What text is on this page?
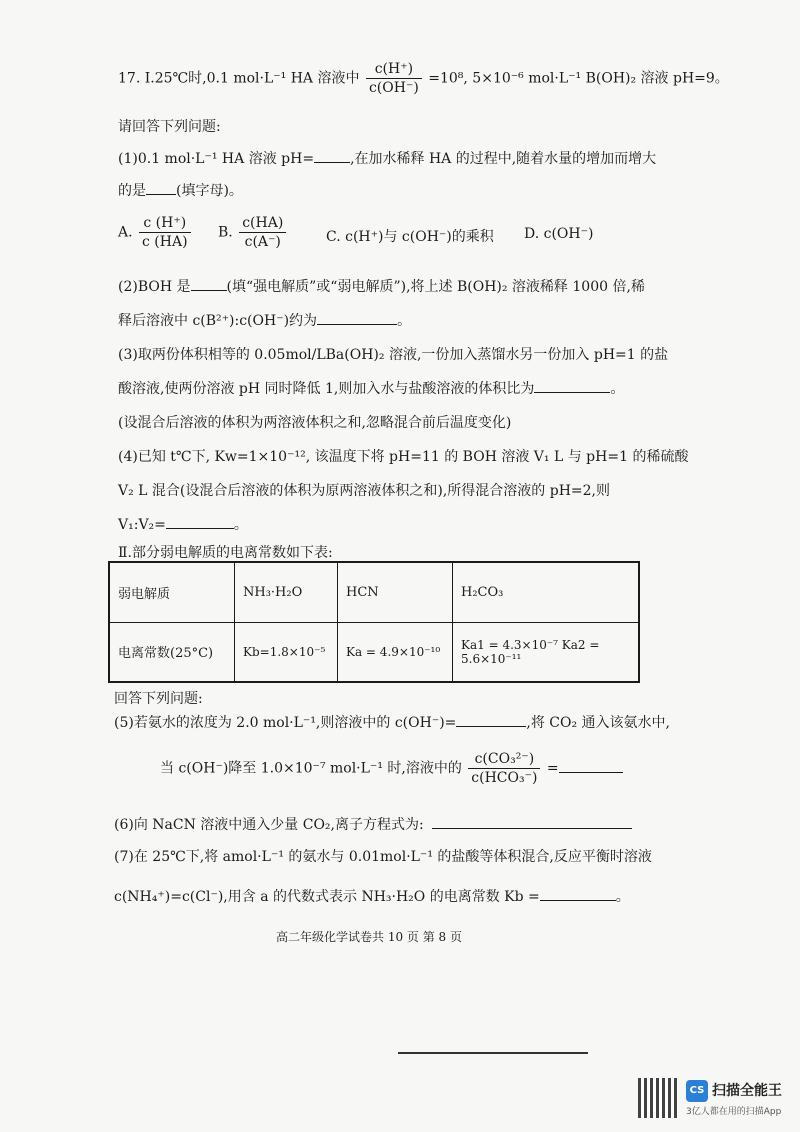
17. Ⅰ.25℃时,0.1 mol·L⁻¹ HA 溶液中 $\frac{c(H^+)}{c(OH^-)} =10^8$, 5×10⁻⁶ mol·L⁻¹ B(OH)₂ 溶液 pH=9。
请回答下列问题:
(1)0.1 mol·L⁻¹ HA 溶液 pH=	,在加水稀释 HA 的过程中,随着水量的增加而增大
的是 (填字母)。
A. $\frac{c (H^+)}{c (HA)} B$. $\frac{c(HA)}{c(A^-)}$	C. c(H⁺)与 c(OH⁻)的乘积 D. c(OH⁻)
(2)BOH 是	(填“强电解质”或“弱电解质”),将上述 B(OH)₂ 溶液稀释 1000 倍,稀
释后溶液中 c(B²⁺):c(OH⁻)约为	。
(3)取两份体积相等的 0.05mol/LBa(OH)₂ 溶液,一份加入蒸馏水另一份加入 pH=1 的盐
酸溶液,使两份溶液 pH 同时降低 1,则加入水与盐酸溶液的体积比为	。
(设混合后溶液的体积为两溶液体积之和,忽略混合前后温度变化)
(4)已知 t℃下, Kw=1×10⁻¹², 该温度下将 pH=11 的 BOH 溶液 V₁ L 与 pH=1 的稀硫酸
V₂ L 混合(设混合后溶液的体积为原两溶液体积之和),所得混合溶液的 pH=2,则
V₁:V₂=	。
Ⅱ.部分弱电解质的电离常数如下表:
弱电解质	NH₃·H₂O	HCN	H₂CO₃
电离常数(25°C)	Kb=1.8×10⁻⁵	Ka = 4.9×10⁻¹⁰	Ka1 = 4.3×10⁻⁷ Ka2 = 5.6×10⁻¹¹
回答下列问题:
(5)若氨水的浓度为 2.0 mol·L⁻¹,则溶液中的 c(OH⁻)=	,将 CO₂ 通入该氨水中,
当 c(OH⁻)降至 1.0×10⁻⁷ mol·L⁻¹ 时,溶液中的 $\frac{\text{c(CO₃²⁻)}}{\text{c(HCO₃⁻)}}$ =
(6)向 NaCN 溶液中通入少量 CO₂,离子方程式为:
(7)在 25℃下,将 amol·L⁻¹ 的氨水与 0.01mol·L⁻¹ 的盐酸等体积混合,反应平衡时溶液
c(NH₄⁺)=c(Cl⁻),用含 a 的代数式表示 NH₃·H₂O 的电离常数 Kb =	。
高二年级化学试卷共 10 页 第 8 页
CS 扫描全能王
3亿人都在用的扫描App
